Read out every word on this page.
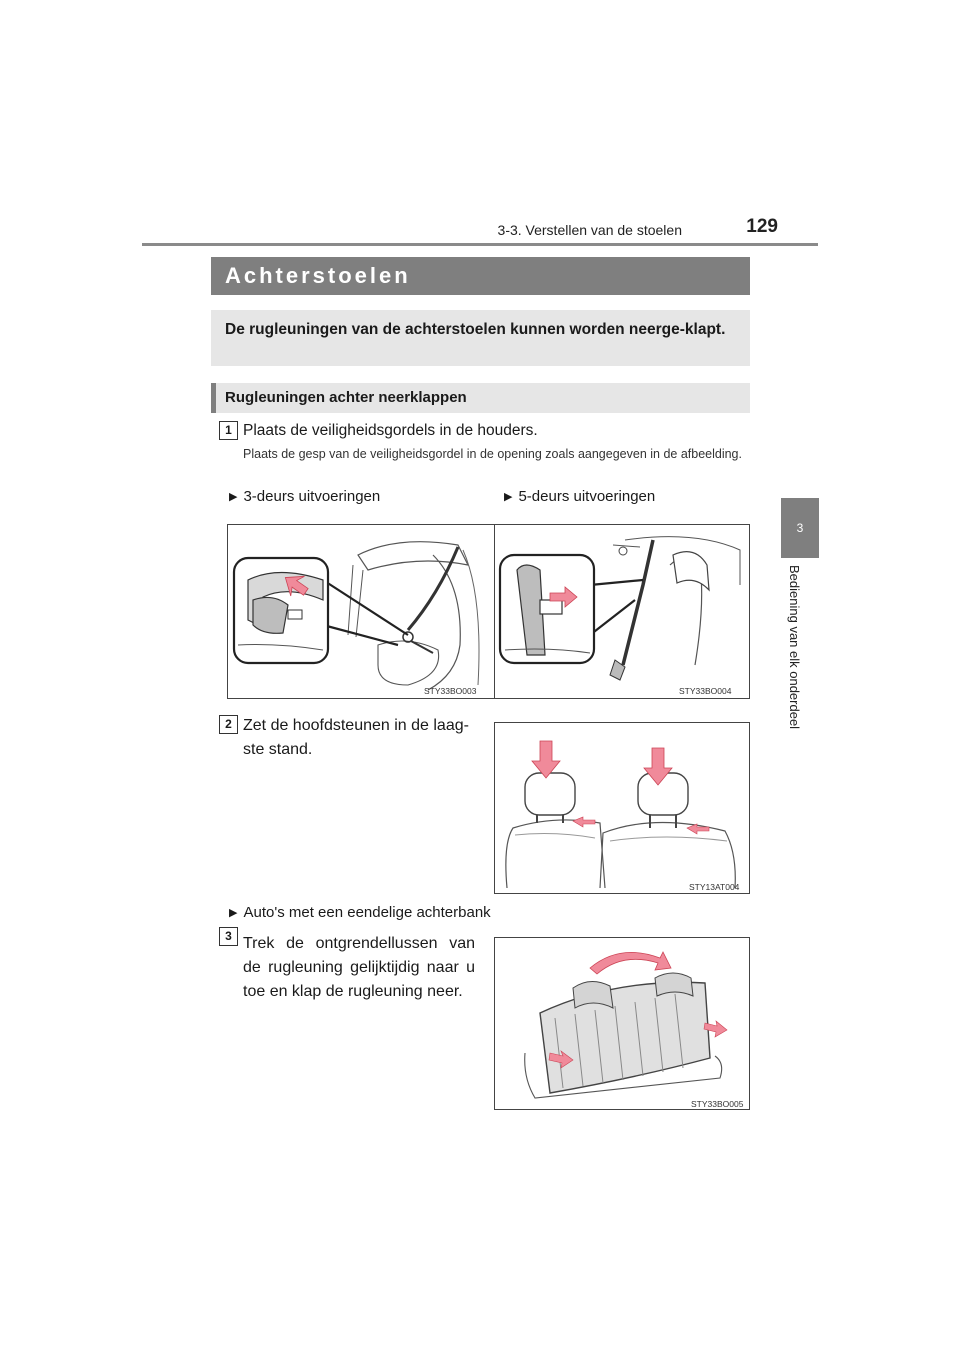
3-3. Verstellen van de stoelen	129
3
Bediening van elk onderdeel
Achterstoelen
De rugleuningen van de achterstoelen kunnen worden neerge-klapt.
Rugleuningen achter neerklappen
1 Plaats de veiligheidsgordels in de houders.
Plaats de gesp van de veiligheidsgordel in de opening zoals aangegeven in de afbeelding.
▶ 3-deurs uitvoeringen	▶ 5-deurs uitvoeringen
STY33BO003	STY33BO004
2 Zet de hoofdsteunen in de laag-ste stand.
STY13AT004
▶ Auto's met een eendelige achterbank
3 Trek de ontgrendellussen van de rugleuning gelijktijdig naar u toe en klap de rugleuning neer.
STY33BO005
